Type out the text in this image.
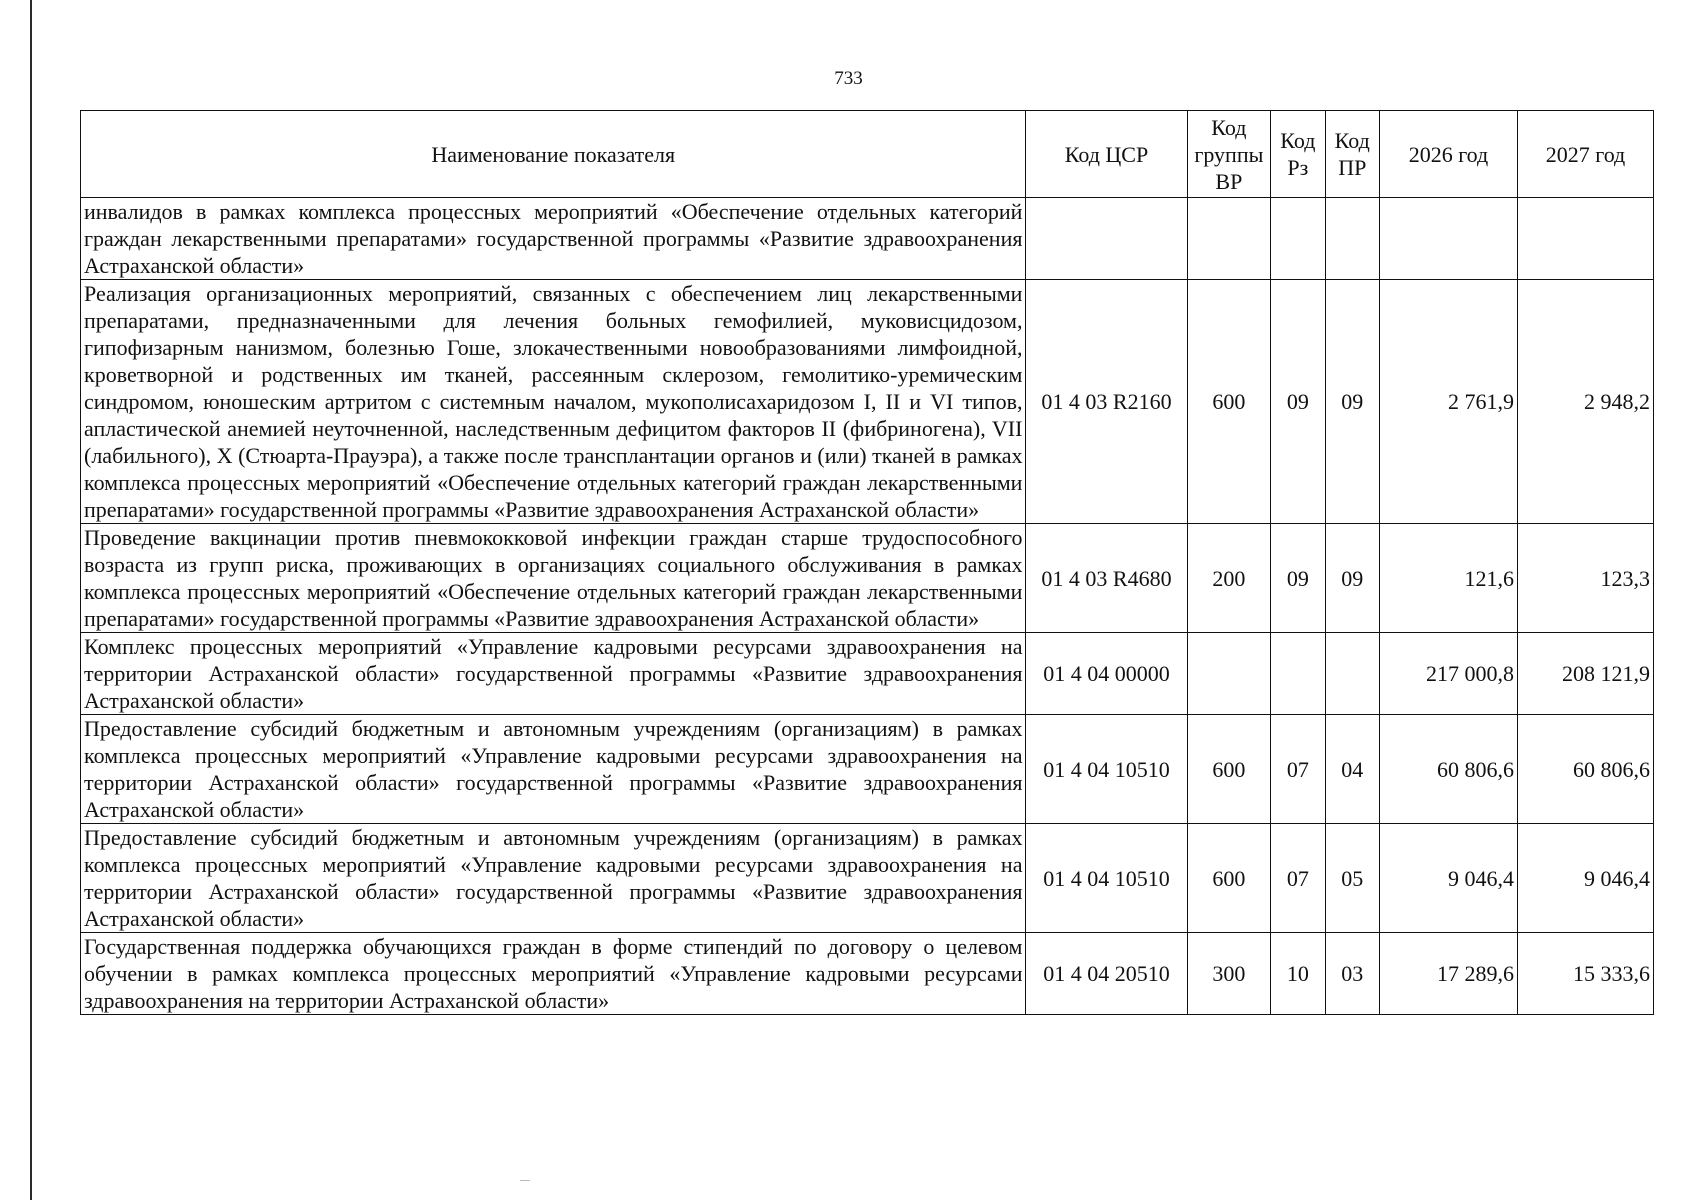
733
Наименование показателя	Код ЦСР	Код группы ВР	Код Рз	Код ПР	2026 год	2027 год
инвалидов в рамках комплекса процессных мероприятий «Обеспечение отдельных категорий граждан лекарственными препаратами» государственной программы «Развитие здравоохранения Астраханской области»						
Реализация организационных мероприятий, связанных с обеспечением лиц лекарственными препаратами, предназначенными для лечения больных гемофилией, муковисцидозом, гипофизарным нанизмом, болезнью Гоше, злокачественными новообразованиями лимфоидной, кроветворной и родственных им тканей, рассеянным склерозом, гемолитико-уремическим синдромом, юношеским артритом с системным началом, мукополисахаридозом I, II и VI типов, апластической анемией неуточненной, наследственным дефицитом факторов II (фибриногена), VII (лабильного), X (Стюарта-Прауэра), а также после трансплантации органов и (или) тканей в рамках комплекса процессных мероприятий «Обеспечение отдельных категорий граждан лекарственными препаратами» государственной программы «Развитие здравоохранения Астраханской области»	01 4 03 R2160	600	09	09	2 761,9	2 948,2
Проведение вакцинации против пневмококковой инфекции граждан старше трудоспособного возраста из групп риска, проживающих в организациях социального обслуживания в рамках комплекса процессных мероприятий «Обеспечение отдельных категорий граждан лекарственными препаратами» государственной программы «Развитие здравоохранения Астраханской области»	01 4 03 R4680	200	09	09	121,6	123,3
Комплекс процессных мероприятий «Управление кадровыми ресурсами здравоохранения на территории Астраханской области» государственной программы «Развитие здравоохранения Астраханской области»	01 4 04 00000				217 000,8	208 121,9
Предоставление субсидий бюджетным и автономным учреждениям (организациям) в рамках комплекса процессных мероприятий «Управление кадровыми ресурсами здравоохранения на территории Астраханской области» государственной программы «Развитие здравоохранения Астраханской области»	01 4 04 10510	600	07	04	60 806,6	60 806,6
Предоставление субсидий бюджетным и автономным учреждениям (организациям) в рамках комплекса процессных мероприятий «Управление кадровыми ресурсами здравоохранения на территории Астраханской области» государственной программы «Развитие здравоохранения Астраханской области»	01 4 04 10510	600	07	05	9 046,4	9 046,4
Государственная поддержка обучающихся граждан в форме стипендий по договору о целевом обучении в рамках комплекса процессных мероприятий «Управление кадровыми ресурсами здравоохранения на территории Астраханской области»	01 4 04 20510	300	10	03	17 289,6	15 333,6
